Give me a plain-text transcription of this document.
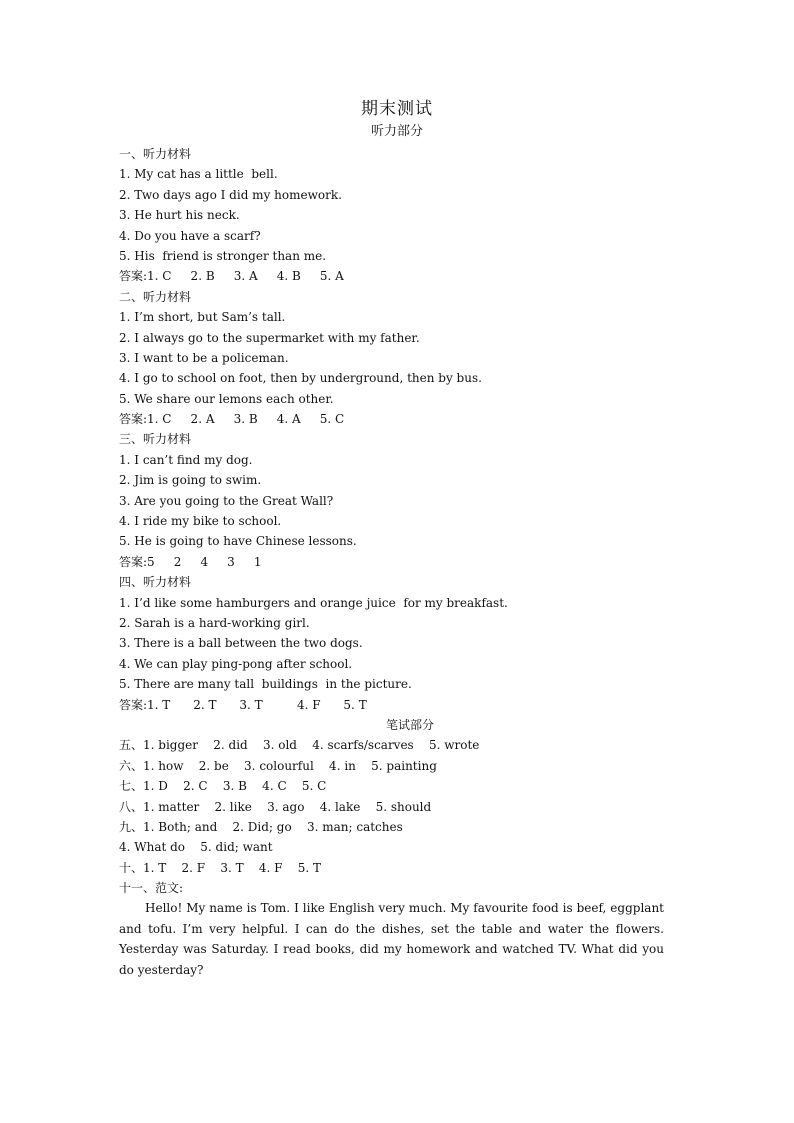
期末测试
听力部分
一、听力材料
1. My cat has a little  bell.
2. Two days ago I did my homework.
3. He hurt his neck.
4. Do you have a scarf?
5. His  friend is stronger than me.
答案:1. C     2. B     3. A     4. B     5. A
二、听力材料
1. I’m short, but Sam’s tall.
2. I always go to the supermarket with my father.
3. I want to be a policeman.
4. I go to school on foot, then by underground, then by bus.
5. We share our lemons each other.
答案:1. C     2. A     3. B     4. A     5. C
三、听力材料
1. I can’t find my dog.
2. Jim is going to swim.
3. Are you going to the Great Wall?
4. I ride my bike to school.
5. He is going to have Chinese lessons.
答案:5     2     4     3     1
四、听力材料
1. I’d like some hamburgers and orange juice  for my breakfast.
2. Sarah is a hard-working girl.
3. There is a ball between the two dogs.
4. We can play ping-pong after school.
5. There are many tall  buildings  in the picture.
答案:1. T      2. T      3. T         4. F      5. T
笔试部分
五、1. bigger    2. did    3. old    4. scarfs/scarves    5. wrote
六、1. how    2. be    3. colourful    4. in    5. painting
七、1. D    2. C    3. B    4. C    5. C
八、1. matter    2. like    3. ago    4. lake    5. should
九、1. Both; and    2. Did; go    3. man; catches
4. What do    5. did; want
十、1. T    2. F    3. T    4. F    5. T
十一、范文:
Hello! My name is Tom. I like English very much. My favourite food is beef, eggplant and tofu. I’m very helpful. I can do the dishes, set the table and water the flowers. Yesterday was Saturday. I read books, did my homework and watched TV. What did you do yesterday?
